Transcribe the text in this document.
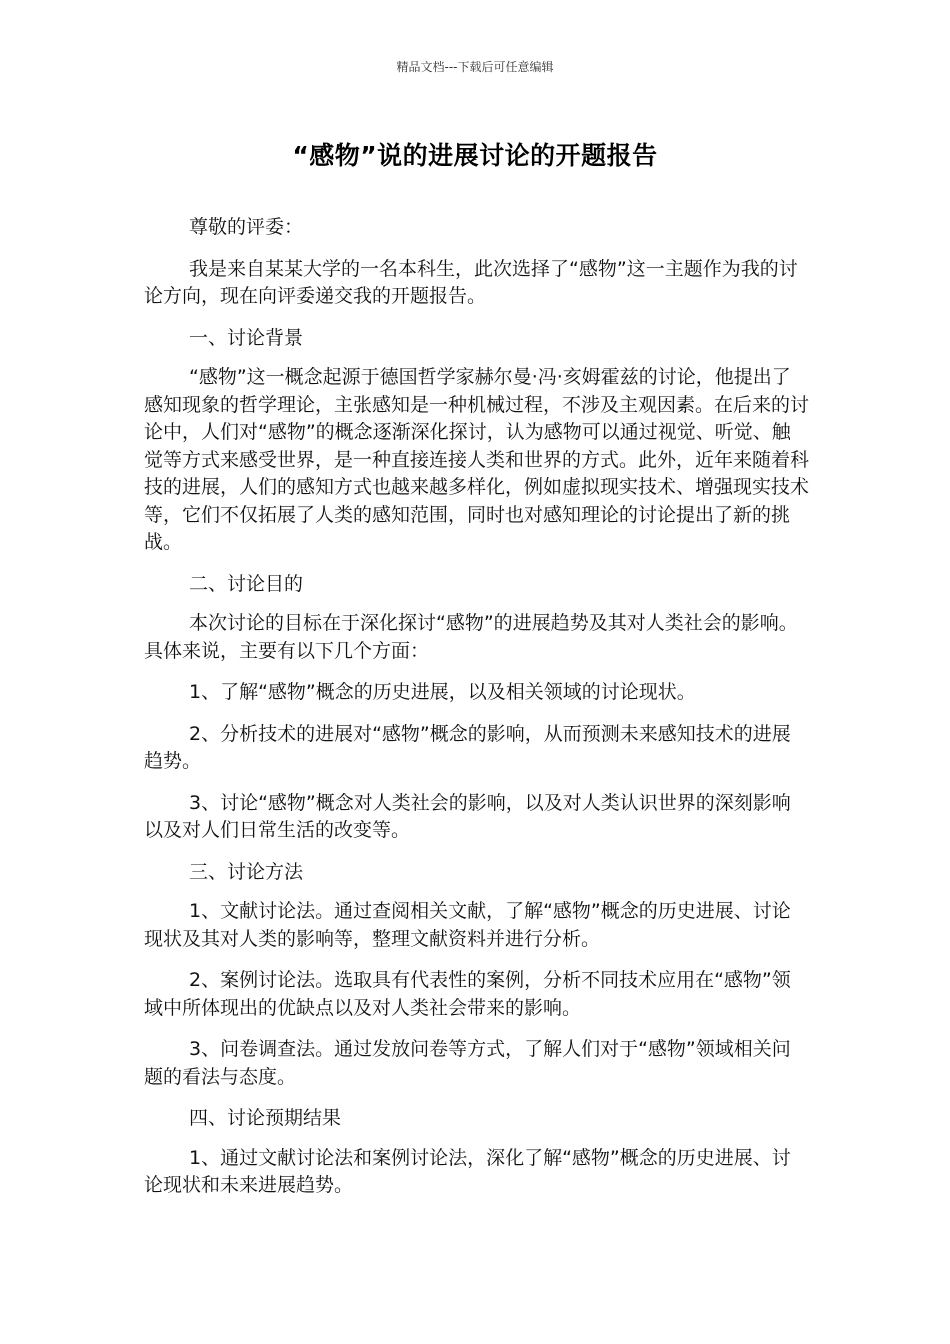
精品文档---下载后可任意编辑
“感物”说的进展讨论的开题报告

尊敬的评委：

我是来自某某大学的一名本科生，此次选择了“感物”这一主题作为我的讨论方向，现在向评委递交我的开题报告。

一、讨论背景

“感物”这一概念起源于德国哲学家赫尔曼·冯·亥姆霍兹的讨论，他提出了感知现象的哲学理论，主张感知是一种机械过程，不涉及主观因素。在后来的讨论中，人们对“感物”的概念逐渐深化探讨，认为感物可以通过视觉、听觉、触觉等方式来感受世界，是一种直接连接人类和世界的方式。此外，近年来随着科技的进展，人们的感知方式也越来越多样化，例如虚拟现实技术、增强现实技术等，它们不仅拓展了人类的感知范围，同时也对感知理论的讨论提出了新的挑战。

二、讨论目的

本次讨论的目标在于深化探讨“感物”的进展趋势及其对人类社会的影响。具体来说，主要有以下几个方面：

1、了解“感物”概念的历史进展，以及相关领域的讨论现状。

2、分析技术的进展对“感物”概念的影响，从而预测未来感知技术的进展趋势。

3、讨论“感物”概念对人类社会的影响，以及对人类认识世界的深刻影响以及对人们日常生活的改变等。

三、讨论方法

1、文献讨论法。通过查阅相关文献，了解“感物”概念的历史进展、讨论现状及其对人类的影响等，整理文献资料并进行分析。

2、案例讨论法。选取具有代表性的案例，分析不同技术应用在“感物”领域中所体现出的优缺点以及对人类社会带来的影响。

3、问卷调查法。通过发放问卷等方式，了解人们对于“感物”领域相关问题的看法与态度。

四、讨论预期结果

1、通过文献讨论法和案例讨论法，深化了解“感物”概念的历史进展、讨论现状和未来进展趋势。
